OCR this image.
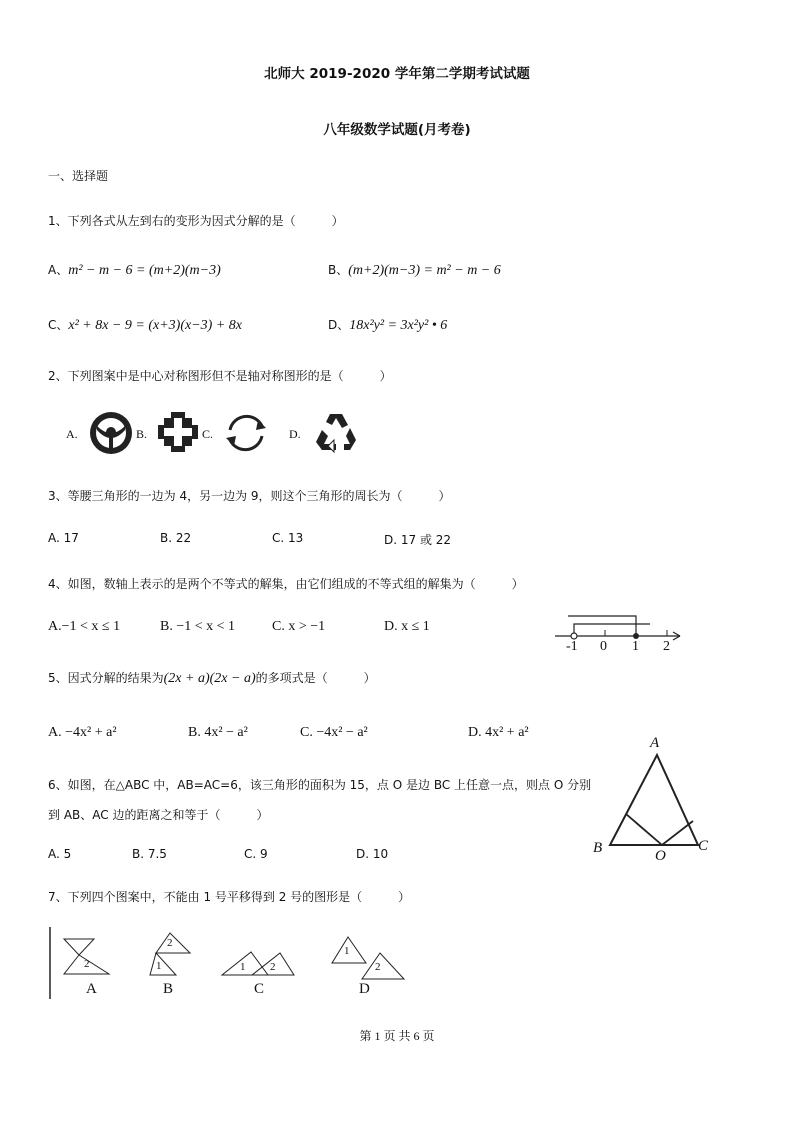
北师大 2019-2020 学年第二学期考试试题
八年级数学试题(月考卷)
一、选择题
1、下列各式从左到右的变形为因式分解的是（　　　）
A、m² − m − 6 = (m+2)(m−3)	B、(m+2)(m−3) = m² − m − 6
C、x² + 8x − 9 = (x+3)(x−3) + 8x	D、18x²y² = 3x²y² • 6
2、下列图案中是中心对称图形但不是轴对称图形的是（　　　）
A.	B.	C.	D.
3、等腰三角形的一边为 4，另一边为 9，则这个三角形的周长为（　　　）
A. 17	B. 22	C. 13	D. 17 或 22
4、如图，数轴上表示的是两个不等式的解集，由它们组成的不等式组的解集为（　　　）
A.−1 < x ≤ 1	B. −1 < x < 1	C. x > −1	D. x ≤ 1
-1 0 1 2
5、因式分解的结果为(2x + a)(2x − a)的多项式是（　　　）
A. −4x² + a²	B. 4x² − a²	C. −4x² − a²	D. 4x² + a²
6、如图，在△ABC 中，AB=AC=6，该三角形的面积为 15，点 O 是边 BC 上任意一点，则点 O 分别
到 AB、AC 边的距离之和等于（　　　）
A. 5	B. 7.5	C. 9	D. 10
A
B	C
O
7、下列四个图案中，不能由 1 号平移得到 2 号的图形是（　　　）
2
2
1	1 2
1
2
A	B	C	D
第 1 页 共 6 页
